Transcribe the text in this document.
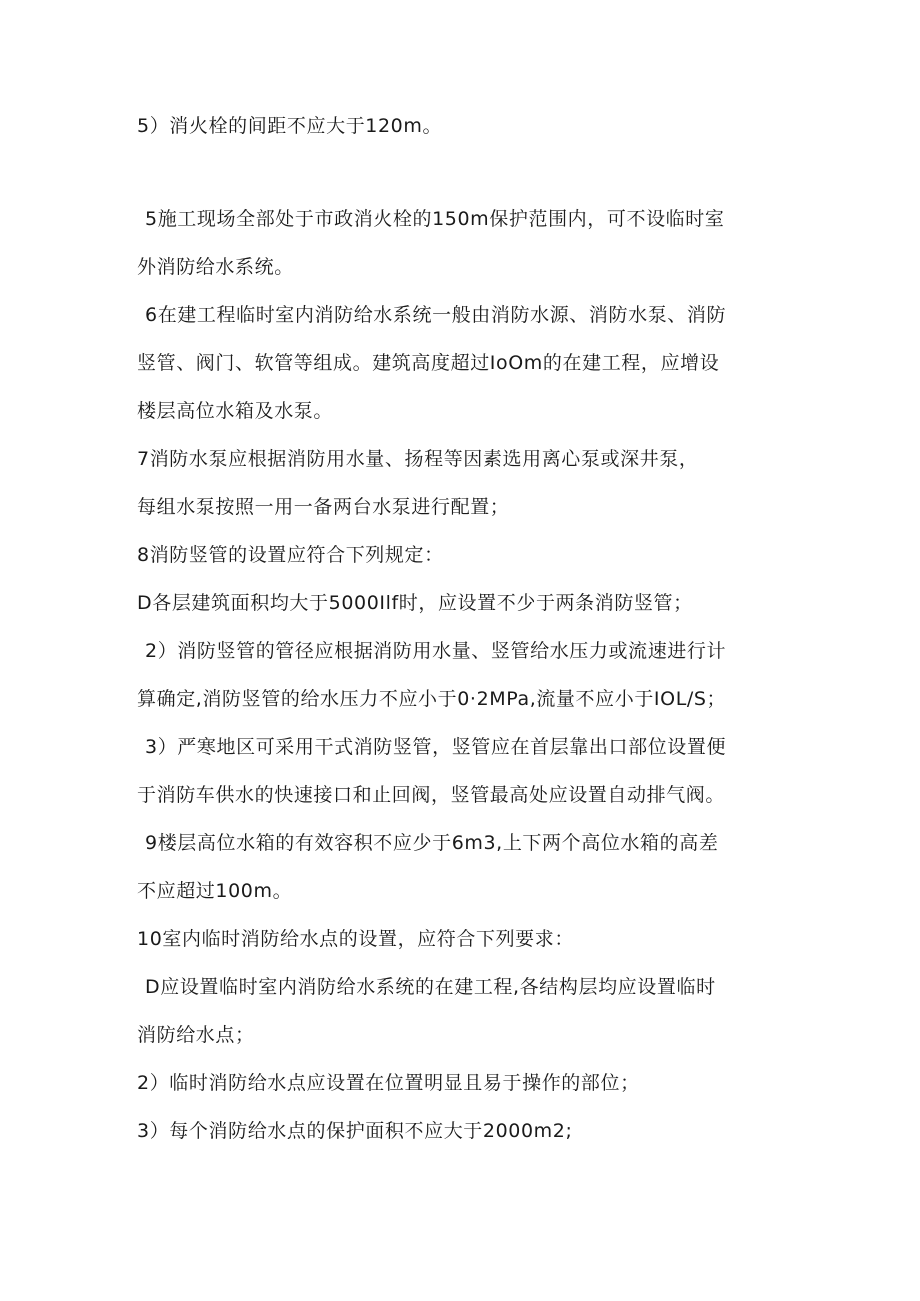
5）消火栓的间距不应大于120m。
5施工现场全部处于市政消火栓的150m保护范围内，可不设临时室
外消防给水系统。
6在建工程临时室内消防给水系统一般由消防水源、消防水泵、消防
竖管、阀门、软管等组成。建筑高度超过IoOm的在建工程，应增设
楼层高位水箱及水泵。
7消防水泵应根据消防用水量、扬程等因素选用离心泵或深井泵，
每组水泵按照一用一备两台水泵进行配置；
8消防竖管的设置应符合下列规定：
D各层建筑面积均大于5000Ilf时，应设置不少于两条消防竖管；
2）消防竖管的管径应根据消防用水量、竖管给水压力或流速进行计
算确定,消防竖管的给水压力不应小于0·2MPa,流量不应小于IOL/S；
3）严寒地区可采用干式消防竖管，竖管应在首层靠出口部位设置便
于消防车供水的快速接口和止回阀，竖管最高处应设置自动排气阀。
9楼层高位水箱的有效容积不应少于6m3,上下两个高位水箱的高差
不应超过100m。
10室内临时消防给水点的设置，应符合下列要求：
D应设置临时室内消防给水系统的在建工程,各结构层均应设置临时
消防给水点；
2）临时消防给水点应设置在位置明显且易于操作的部位；
3）每个消防给水点的保护面积不应大于2000m2;
